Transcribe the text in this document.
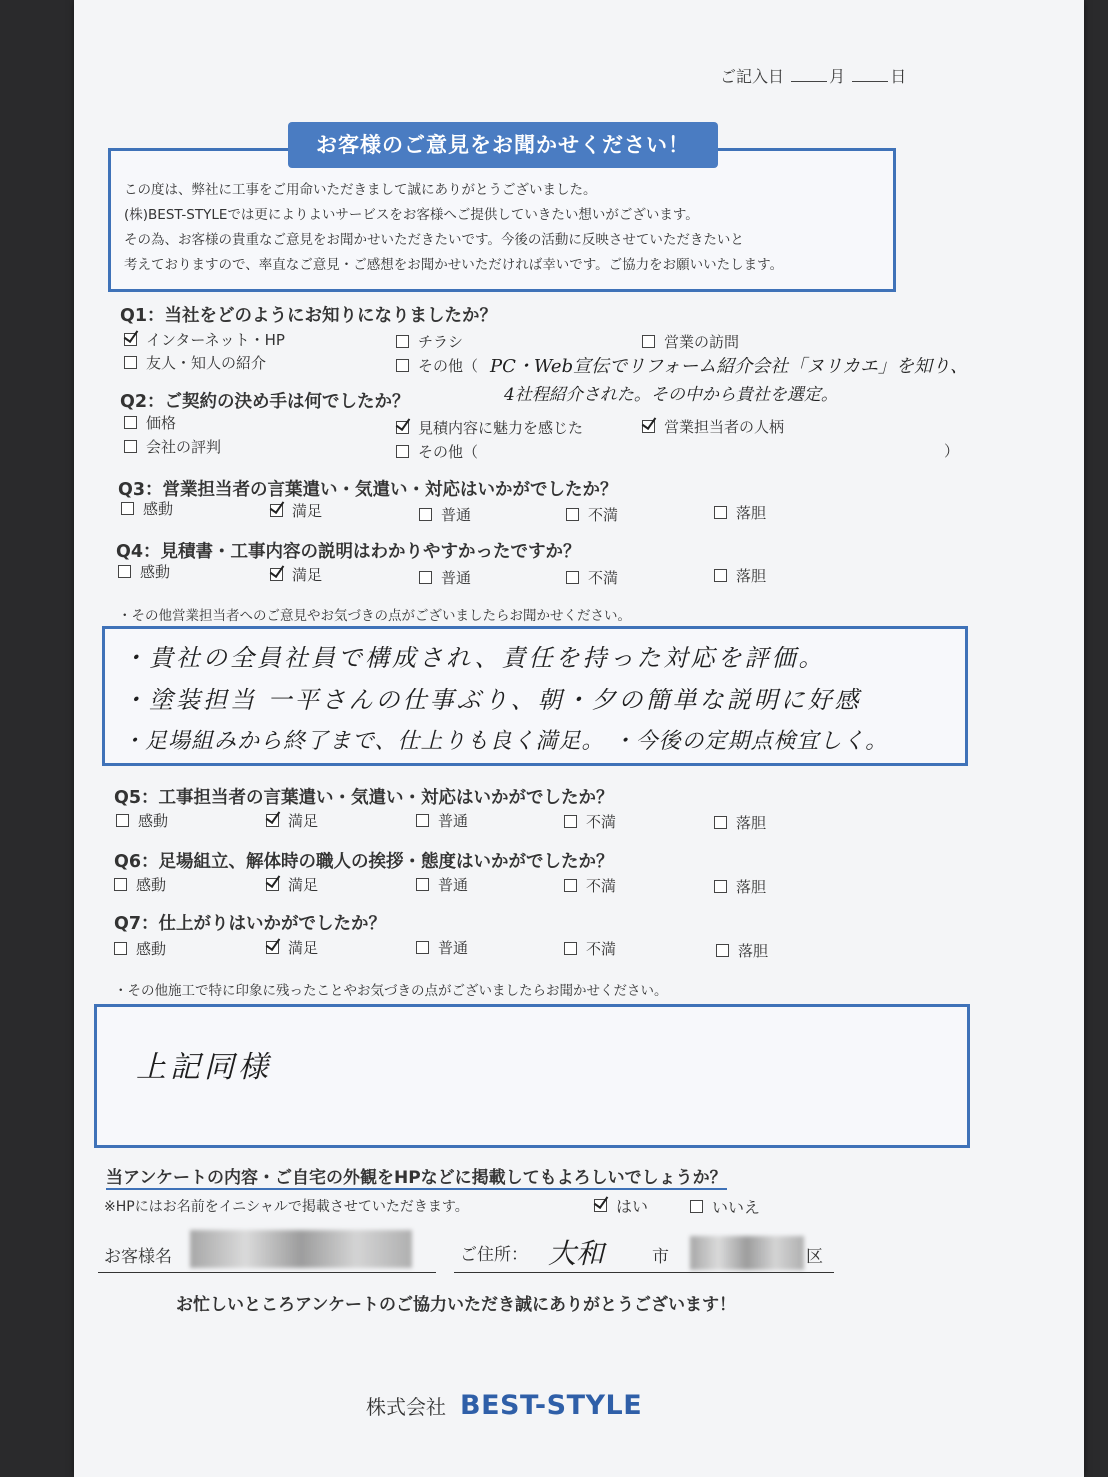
ご記入日	月	日
お客様のご意見をお聞かせください！
この度は、弊社に工事をご用命いただきまして誠にありがとうございました。
(株)BEST-STYLEでは更によりよいサービスをお客様へご提供していきたい想いがございます。
その為、お客様の貴重なご意見をお聞かせいただきたいです。今後の活動に反映させていただきたいと
考えておりますので、率直なご意見・ご感想をお聞かせいただければ幸いです。ご協力をお願いいたします。
Q1：当社をどのようにお知りになりましたか？
インターネット・HP	チラシ	営業の訪問
友人・知人の紹介	その他（ PC・Web宣伝でリフォーム紹介会社「ヌリカエ」を知り、
4社程紹介された。その中から貴社を選定。
Q2：ご契約の決め手は何でしたか？
価格	見積内容に魅力を感じた	営業担当者の人柄
会社の評判	その他（	）
Q3：営業担当者の言葉遣い・気遣い・対応はいかがでしたか？
感動	満足	普通	不満	落胆
Q4：見積書・工事内容の説明はわかりやすかったですか？
感動	満足	普通	不満	落胆
・その他営業担当者へのご意見やお気づきの点がございましたらお聞かせください。
・貴社の全員社員で構成され、責任を持った対応を評価。
・塗装担当 一平さんの仕事ぶり、朝・夕の簡単な説明に好感
・足場組みから終了まで、仕上りも良く満足。 ・今後の定期点検宜しく。
Q5：工事担当者の言葉遣い・気遣い・対応はいかがでしたか？
感動	満足	普通	不満	落胆
Q6：足場組立、解体時の職人の挨拶・態度はいかがでしたか？
感動	満足	普通	不満	落胆
Q7：仕上がりはいかがでしたか？
感動	満足	普通	不満	落胆
・その他施工で特に印象に残ったことやお気づきの点がございましたらお聞かせください。
上記同様
当アンケートの内容・ご自宅の外観をHPなどに掲載してもよろしいでしょうか？
※HPにはお名前をイニシャルで掲載させていただきます。	はい	いいえ
お客様名	ご住所： 大和	市	区
お忙しいところアンケートのご協力いただき誠にありがとうございます！
株式会社 BEST-STYLE
